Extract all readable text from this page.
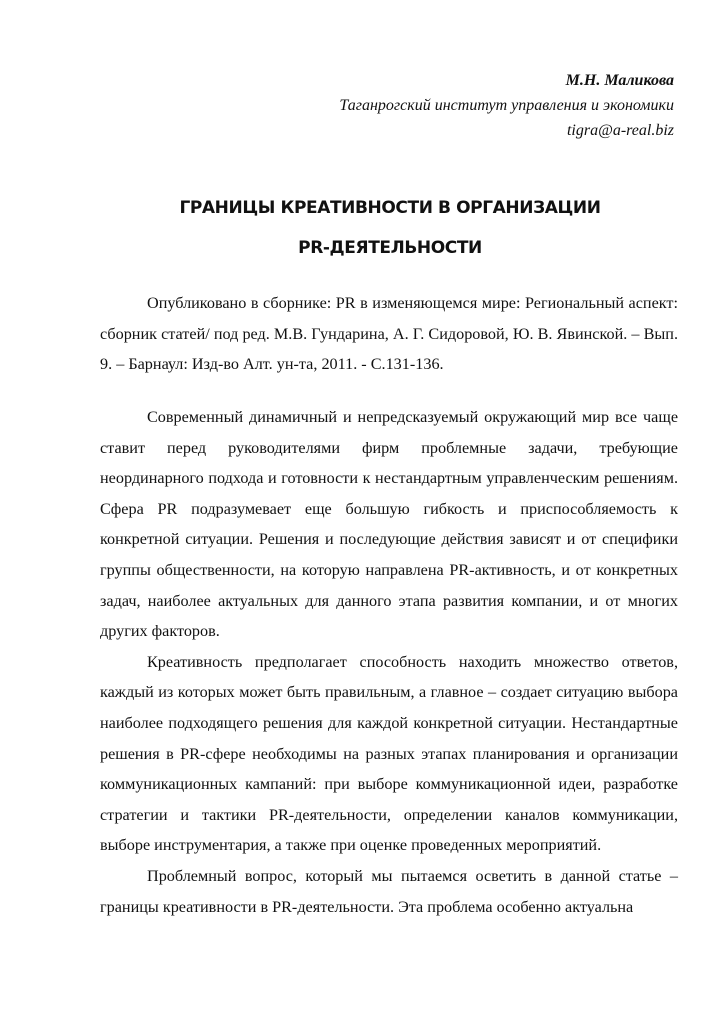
М.Н. Маликова
Таганрогский институт управления и экономики
tigra@a-real.biz
ГРАНИЦЫ КРЕАТИВНОСТИ В ОРГАНИЗАЦИИ
PR-ДЕЯТЕЛЬНОСТИ
Опубликовано в сборнике: PR в изменяющемся мире: Региональный аспект: сборник статей/ под ред. М.В. Гундарина, А. Г. Сидоровой, Ю. В. Явинской. – Вып. 9. – Барнаул: Изд-во Алт. ун-та, 2011. - С.131-136.

Современный динамичный и непредсказуемый окружающий мир все чаще ставит перед руководителями фирм проблемные задачи, требующие неординарного подхода и готовности к нестандартным управленческим решениям. Сфера PR подразумевает еще большую гибкость и приспособляемость к конкретной ситуации. Решения и последующие действия зависят и от специфики группы общественности, на которую направлена PR-активность, и от конкретных задач, наиболее актуальных для данного этапа развития компании, и от многих других факторов.

Креативность предполагает способность находить множество ответов, каждый из которых может быть правильным, а главное – создает ситуацию выбора наиболее подходящего решения для каждой конкретной ситуации. Нестандартные решения в PR-сфере необходимы на разных этапах планирования и организации коммуникационных кампаний: при выборе коммуникационной идеи, разработке стратегии и тактики PR-деятельности, определении каналов коммуникации, выборе инструментария, а также при оценке проведенных мероприятий.

Проблемный вопрос, который мы пытаемся осветить в данной статье – границы креативности в PR-деятельности. Эта проблема особенно актуальна
